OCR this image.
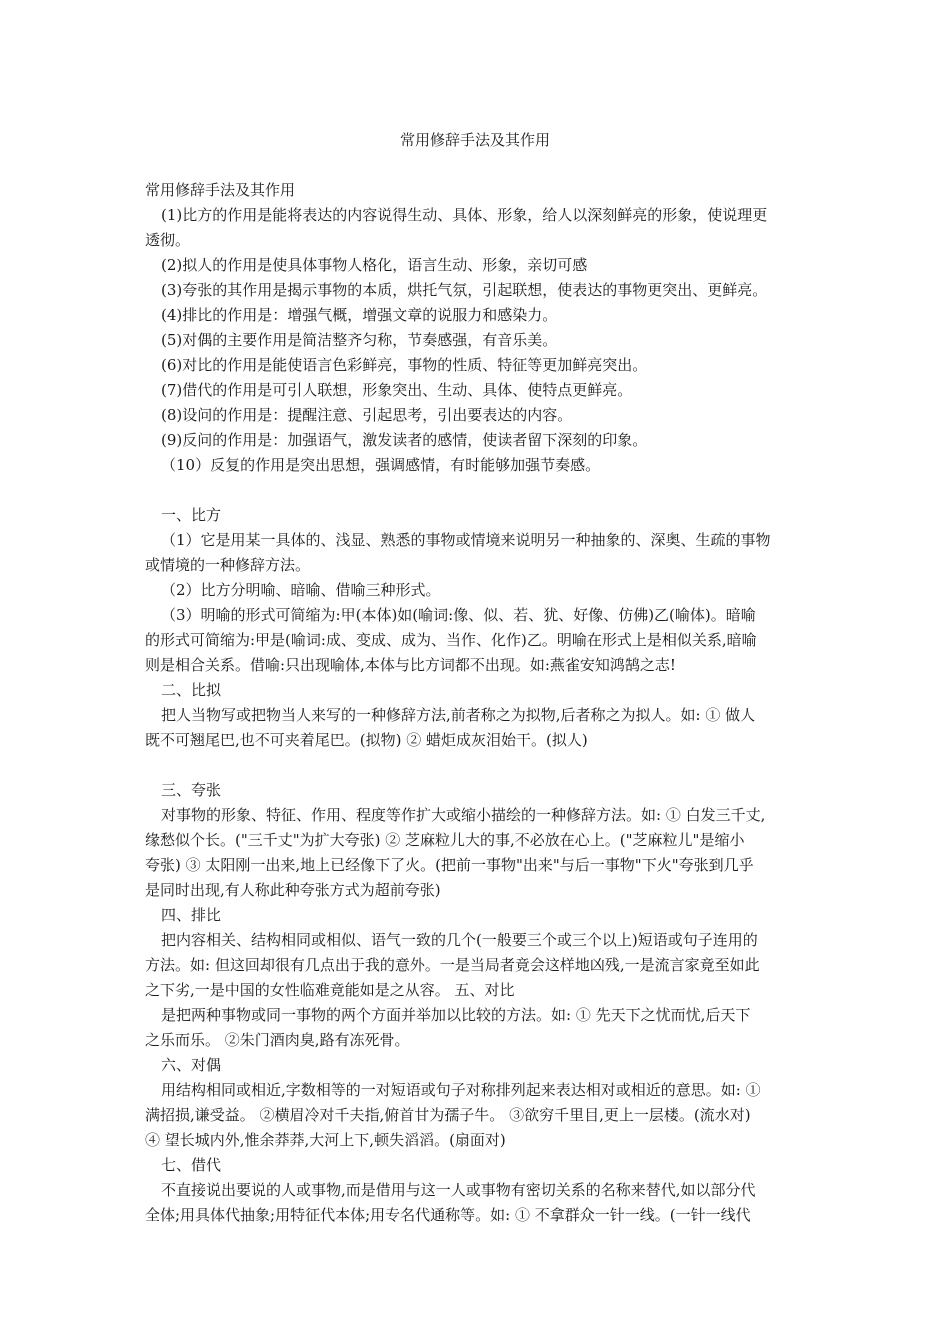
常用修辞手法及其作用

常用修辞手法及其作用

(1)比方的作用是能将表达的内容说得生动、具体、形象，给人以深刻鲜亮的形象，使说理更

透彻。

(2)拟人的作用是使具体事物人格化，语言生动、形象，亲切可感

(3)夸张的其作用是揭示事物的本质，烘托气氛，引起联想，使表达的事物更突出、更鲜亮。

(4)排比的作用是：增强气概，增强文章的说服力和感染力。

(5)对偶的主要作用是简洁整齐匀称，节奏感强，有音乐美。

(6)对比的作用是能使语言色彩鲜亮，事物的性质、特征等更加鲜亮突出。

(7)借代的作用是可引人联想，形象突出、生动、具体、使特点更鲜亮。

(8)设问的作用是：提醒注意、引起思考，引出要表达的内容。

(9)反问的作用是：加强语气，激发读者的感情，使读者留下深刻的印象。

（10）反复的作用是突出思想，强调感情，有时能够加强节奏感。

一、比方

（1）它是用某一具体的、浅显、熟悉的事物或情境来说明另一种抽象的、深奥、生疏的事物

或情境的一种修辞方法。

（2）比方分明喻、暗喻、借喻三种形式。

（3）明喻的形式可简缩为:甲(本体)如(喻词:像、似、若、犹、好像、仿佛)乙(喻体)。暗喻

的形式可简缩为:甲是(喻词:成、变成、成为、当作、化作)乙。明喻在形式上是相似关系,暗喻

则是相合关系。借喻:只出现喻体,本体与比方词都不出现。如:燕雀安知鸿鹄之志!

二、比拟

把人当物写或把物当人来写的一种修辞方法,前者称之为拟物,后者称之为拟人。如: ① 做人

既不可翘尾巴,也不可夹着尾巴。(拟物) ② 蜡炬成灰泪始干。(拟人)

三、夸张

对事物的形象、特征、作用、程度等作扩大或缩小描绘的一种修辞方法。如: ① 白发三千丈,

缘愁似个长。("三千丈"为扩大夸张) ② 芝麻粒儿大的事,不必放在心上。("芝麻粒儿"是缩小

夸张) ③ 太阳刚一出来,地上已经像下了火。(把前一事物"出来"与后一事物"下火"夸张到几乎

是同时出现,有人称此种夸张方式为超前夸张)

四、排比

把内容相关、结构相同或相似、语气一致的几个(一般要三个或三个以上)短语或句子连用的

方法。如: 但这回却很有几点出于我的意外。一是当局者竟会这样地凶残,一是流言家竟至如此

之下劣,一是中国的女性临难竟能如是之从容。 五、对比

是把两种事物或同一事物的两个方面并举加以比较的方法。如: ① 先天下之忧而忧,后天下

之乐而乐。 ②朱门酒肉臭,路有冻死骨。

六、对偶

用结构相同或相近,字数相等的一对短语或句子对称排列起来表达相对或相近的意思。如: ①

满招损,谦受益。 ②横眉冷对千夫指,俯首甘为孺子牛。 ③欲穷千里目,更上一层楼。(流水对)

④ 望长城内外,惟余莽莽,大河上下,顿失滔滔。(扇面对)

七、借代

不直接说出要说的人或事物,而是借用与这一人或事物有密切关系的名称来替代,如以部分代

全体;用具体代抽象;用特征代本体;用专名代通称等。如: ① 不拿群众一针一线。(一针一线代
